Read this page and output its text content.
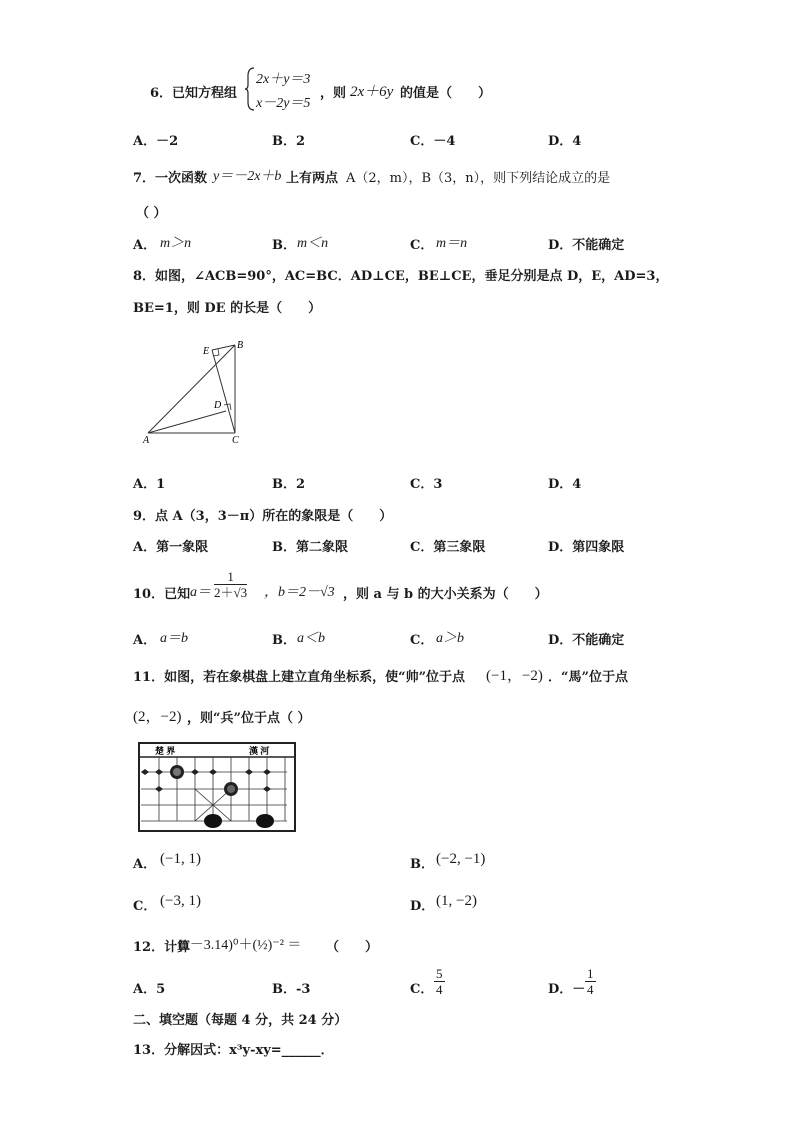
6．已知方程组
2x＋y＝3
x－2y＝5
，则 2x＋6y 的值是（　　）
A．－2	B．2	C．－4	D．4
7．一次函数 y＝－2x＋b 上有两点 A（2，m），B（3，n），则下列结论成立的是
（ ）
A． m＞n	B． m＜n	C． m＝n	D．不能确定
8．如图，∠ACB=90°，AC=BC．AD⊥CE，BE⊥CE，垂足分别是点 D，E，AD=3，
BE=1，则 DE 的长是（　　）
E
B
D
A	C
A．1	B．2	C．3	D．4
9．点 A（3，3－π）所在的象限是（　　）
A．第一象限	B．第二象限	C．第三象限	D．第四象限
10．已知 $a= \frac{1}{2+√3}$ ，b＝2－√3 ，则 a 与 b 的大小关系为（　　）
A． a＝b	B． a＜b	C． a＞b	D．不能确定
11．如图，若在象棋盘上建立直角坐标系，使“帅”位于点 (−1，−2) ．“馬”位于点
(2，−2) ，则“兵”位于点（ ）
楚 界	漢 河
A． (−1, 1)	B． (−2, −1)
C． (−3, 1)	D． (1, −2)
12．计算
(π－3.14)⁰＋(½)⁻² ＝ （　　）
A．5	B．-3	C． $\frac{5}{4}$	D．－ $\frac{1}{4}$
二、填空题（每题 4 分，共 24 分）
13．分解因式：x³y-xy=______．
